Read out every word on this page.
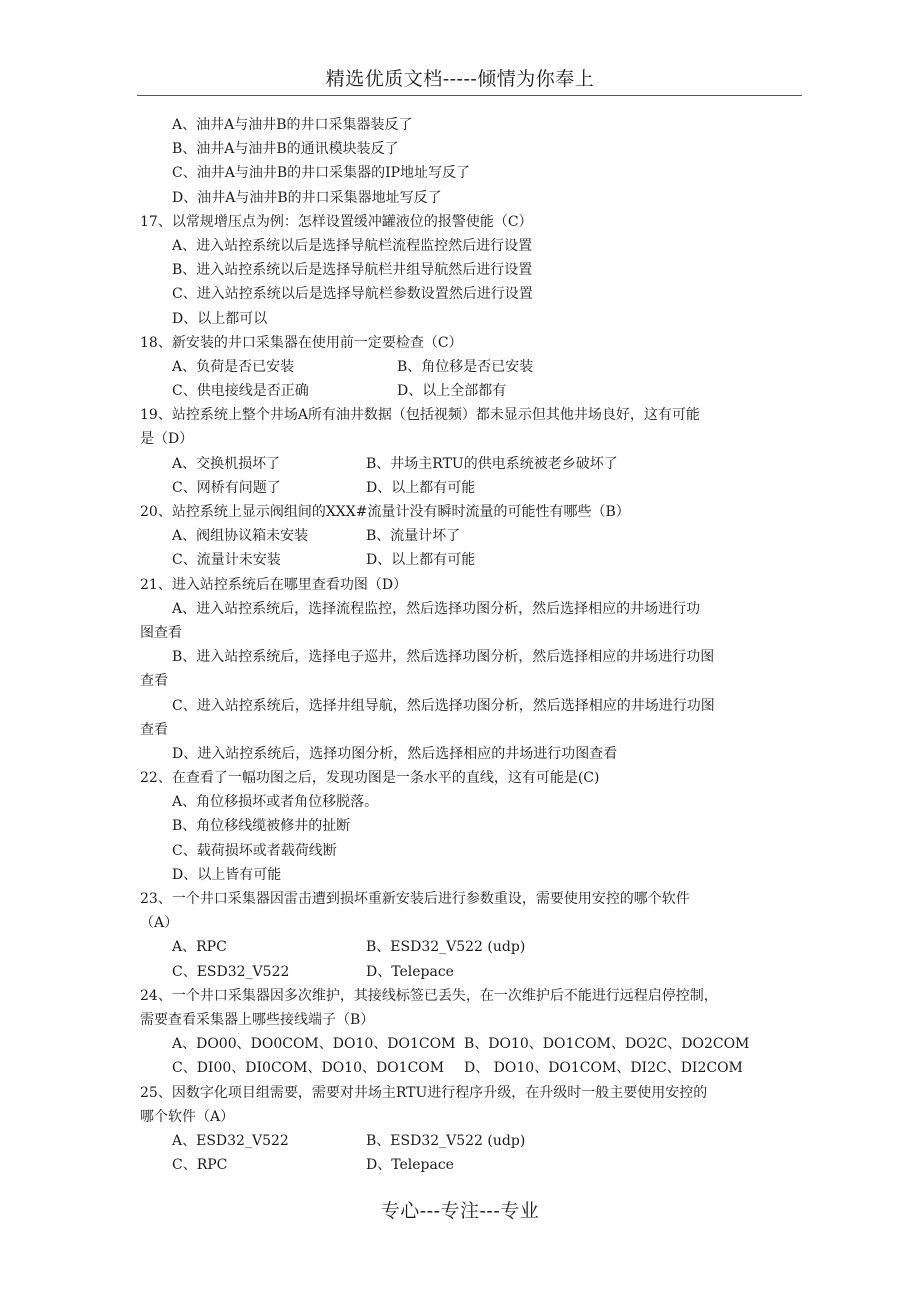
精选优质文档-----倾情为你奉上
A、油井A与油井B的井口采集器装反了
B、油井A与油井B的通讯模块装反了
C、油井A与油井B的井口采集器的IP地址写反了
D、油井A与油井B的井口采集器地址写反了
17、以常规增压点为例：怎样设置缓冲罐液位的报警使能（C）
A、进入站控系统以后是选择导航栏流程监控然后进行设置
B、进入站控系统以后是选择导航栏井组导航然后进行设置
C、进入站控系统以后是选择导航栏参数设置然后进行设置
D、以上都可以
18、新安装的井口采集器在使用前一定要检查（C）
A、负荷是否已安装	B、角位移是否已安装
C、供电接线是否正确	D、以上全部都有
19、站控系统上整个井场A所有油井数据（包括视频）都未显示但其他井场良好，这有可能
是（D）
A、交换机损坏了	B、井场主RTU的供电系统被老乡破坏了
C、网桥有问题了	D、以上都有可能
20、站控系统上显示阀组间的XXX#流量计没有瞬时流量的可能性有哪些（B）
A、阀组协议箱未安装	B、流量计坏了
C、流量计未安装	D、以上都有可能
21、进入站控系统后在哪里查看功图（D）
A、进入站控系统后，选择流程监控，然后选择功图分析，然后选择相应的井场进行功
图查看
B、进入站控系统后，选择电子巡井，然后选择功图分析，然后选择相应的井场进行功图
查看
C、进入站控系统后，选择井组导航，然后选择功图分析，然后选择相应的井场进行功图
查看
D、进入站控系统后，选择功图分析，然后选择相应的井场进行功图查看
22、在查看了一幅功图之后，发现功图是一条水平的直线，这有可能是(C)
A、角位移损坏或者角位移脱落。
B、角位移线缆被修井的扯断
C、载荷损坏或者载荷线断
D、以上皆有可能
23、一个井口采集器因雷击遭到损坏重新安装后进行参数重设，需要使用安控的哪个软件
（A）
A、RPC	B、ESD32_V522 (udp)
C、ESD32_V522	D、Telepace
24、一个井口采集器因多次维护，其接线标签已丢失，在一次维护后不能进行远程启停控制，
需要查看采集器上哪些接线端子（B）
A、DO00、DO0COM、DO10、DO1COM B、DO10、DO1COM、DO2C、DO2COM
C、DI00、DI0COM、DO10、DO1COM	D、 DO10、DO1COM、DI2C、DI2COM
25、因数字化项目组需要，需要对井场主RTU进行程序升级，在升级时一般主要使用安控的
哪个软件（A）
A、ESD32_V522	B、ESD32_V522 (udp)
C、RPC	D、Telepace
专心---专注---专业
